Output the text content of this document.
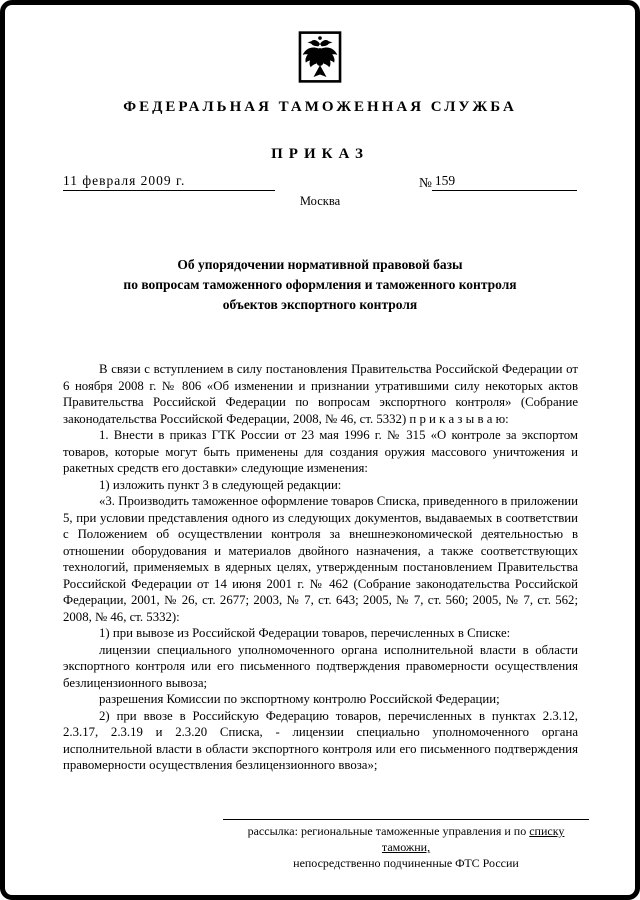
ФЕДЕРАЛЬНАЯ ТАМОЖЕННАЯ СЛУЖБА
ПРИКАЗ
11 февраля 2009 г.	№ 159
Москва
Об упорядочении нормативной правовой базы
по вопросам таможенного оформления и таможенного контроля
объектов экспортного контроля

В связи с вступлением в силу постановления Правительства Российской Федерации от 6 ноября 2008 г. № 806 «Об изменении и признании утратившими силу некоторых актов Правительства Российской Федерации по вопросам экспортного контроля» (Собрание законодательства Российской Федерации, 2008, № 46, ст. 5332) п р и к а з ы в а ю:

1. Внести в приказ ГТК России от 23 мая 1996 г. № 315 «О контроле за экспортом товаров, которые могут быть применены для создания оружия массового уничтожения и ракетных средств его доставки» следующие изменения:

1) изложить пункт 3 в следующей редакции:

«3. Производить таможенное оформление товаров Списка, приведенного в приложении 5, при условии представления одного из следующих документов, выдаваемых в соответствии с Положением об осуществлении контроля за внешнеэкономической деятельностью в отношении оборудования и материалов двойного назначения, а также соответствующих технологий, применяемых в ядерных целях, утвержденным постановлением Правительства Российской Федерации от 14 июня 2001 г. № 462 (Собрание законодательства Российской Федерации, 2001, № 26, ст. 2677; 2003, № 7, ст. 643; 2005, № 7, ст. 560; 2005, № 7, ст. 562; 2008, № 46, ст. 5332):

1) при вывозе из Российской Федерации товаров, перечисленных в Списке:

лицензии специального уполномоченного органа исполнительной власти в области экспортного контроля или его письменного подтверждения правомерности осуществления безлицензионного вывоза;

разрешения Комиссии по экспортному контролю Российской Федерации;

2) при ввозе в Российскую Федерацию товаров, перечисленных в пунктах 2.3.12, 2.3.17, 2.3.19 и 2.3.20 Списка, - лицензии специально уполномоченного органа исполнительной власти в области экспортного контроля или его письменного подтверждения правомерности осуществления безлицензионного ввоза»;

рассылка: региональные таможенные управления и по списку таможни,
непосредственно подчиненные ФТС России
